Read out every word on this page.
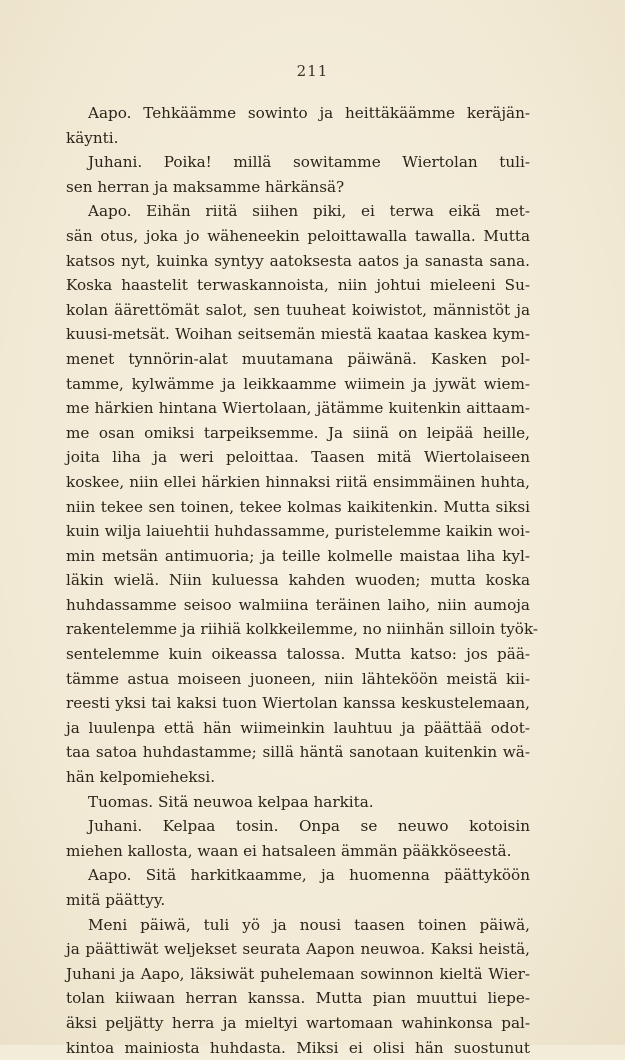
211
Aapo. Tehkäämme sowinto ja heittäkäämme keräjän-
käynti.
Juhani. Poika! millä sowitamme Wiertolan tuli-
sen herran ja maksamme härkänsä?
Aapo. Eihän riitä siihen piki, ei terwa eikä met-
sän otus, joka jo wäheneekin peloittawalla tawalla. Mutta
katsos nyt, kuinka syntyy aatoksesta aatos ja sanasta sana.
Koska haastelit terwaskannoista, niin johtui mieleeni Su-
kolan äärettömät salot, sen tuuheat koiwistot, männistöt ja
kuusi-metsät. Woihan seitsemän miestä kaataa kaskea kym-
menet tynnörin-alat muutamana päiwänä. Kasken pol-
tamme, kylwämme ja leikkaamme wiimein ja jywät wiem-
me härkien hintana Wiertolaan, jätämme kuitenkin aittaam-
me osan omiksi tarpeiksemme. Ja siinä on leipää heille,
joita liha ja weri peloittaa. Taasen mitä Wiertolaiseen
koskee, niin ellei härkien hinnaksi riitä ensimmäinen huhta,
niin tekee sen toinen, tekee kolmas kaikitenkin. Mutta siksi
kuin wilja laiuehtii huhdassamme, puristelemme kaikin woi-
min metsän antimuoria; ja teille kolmelle maistaa liha kyl-
läkin wielä. Niin kuluessa kahden wuoden; mutta koska
huhdassamme seisoo walmiina teräinen laiho, niin aumoja
rakentelemme ja riihiä kolkkeilemme, no niinhän silloin työk-
sentelemme kuin oikeassa talossa. Mutta katso: jos pää-
tämme astua moiseen juoneen, niin lähteköön meistä kii-
reesti yksi tai kaksi tuon Wiertolan kanssa keskustelemaan,
ja luulenpa että hän wiimeinkin lauhtuu ja päättää odot-
taa satoa huhdastamme; sillä häntä sanotaan kuitenkin wä-
hän kelpomieheksi.
Tuomas. Sitä neuwoa kelpaa harkita.
Juhani. Kelpaa tosin. Onpa se neuwo kotoisin
miehen kallosta, waan ei hatsaleen ämmän pääkköseestä.
Aapo. Sitä harkitkaamme, ja huomenna päättyköön
mitä päättyy.
Meni päiwä, tuli yö ja nousi taasen toinen päiwä,
ja päättiwät weljekset seurata Aapon neuwoa. Kaksi heistä,
Juhani ja Aapo, läksiwät puhelemaan sowinnon kieltä Wier-
tolan kiiwaan herran kanssa. Mutta pian muuttui liepe-
äksi peljätty herra ja mieltyi wartomaan wahinkonsa pal-
kintoa mainiosta huhdasta. Miksi ei olisi hän suostunut
